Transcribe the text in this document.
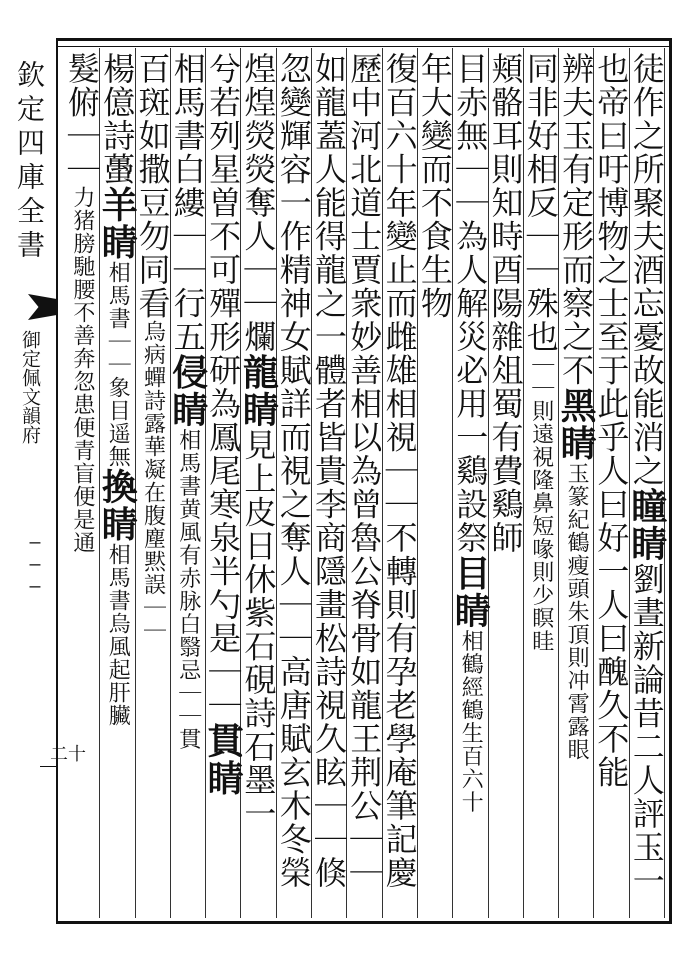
欽定四庫全書
御定佩文韻府
‒ ‒ ‒
二十
徒作之所聚夫酒忘憂故能消之瞳睛劉晝新論昔二人評玉一
也帝曰吁博物之士至于此乎人曰好一人曰醜久不能
辨夫玉有定形而察之不黑睛玉篆紀鶴瘦頭朱頂則冲霄露眼
同非好相反｜｜殊也｜｜則遠視隆鼻短喙則少瞑眭
頬骼耳則知時酉陽雜俎蜀有費鷄師
目赤無｜｜為人解災必用一鷄設祭目睛相鶴經鶴生百六十
年大變而不食生物
復百六十年變止而雌雄相視｜｜不轉則有孕老學庵筆記慶
歷中河北道士賈衆妙善相以為曾魯公脊骨如龍王荆公｜｜
如龍蓋人能得龍之一體者皆貴李商隱畫松詩視久眩｜｜倏
忽變輝容一作精神女賦詳而視之奪人｜｜高唐賦玄木冬榮
煌煌熒熒奪人｜｜爛龍睛見上皮日休紫石硯詩石墨一
兮若列星曽不可殫形研為鳳尾寒泉半勺是｜｜貫睛
相馬書白縷｜｜行五侵睛相馬書黄風有赤脉白翳忌｜｜貫
百斑如撒豆勿同看烏病蟬詩露華凝在腹塵黙誤｜｜
楊億詩蠆羊睛相馬書｜｜象目遥無換睛相馬書烏風起肝臟
髮俯｜｜力猪膀馳腰不善奔忽患便青盲便是通
